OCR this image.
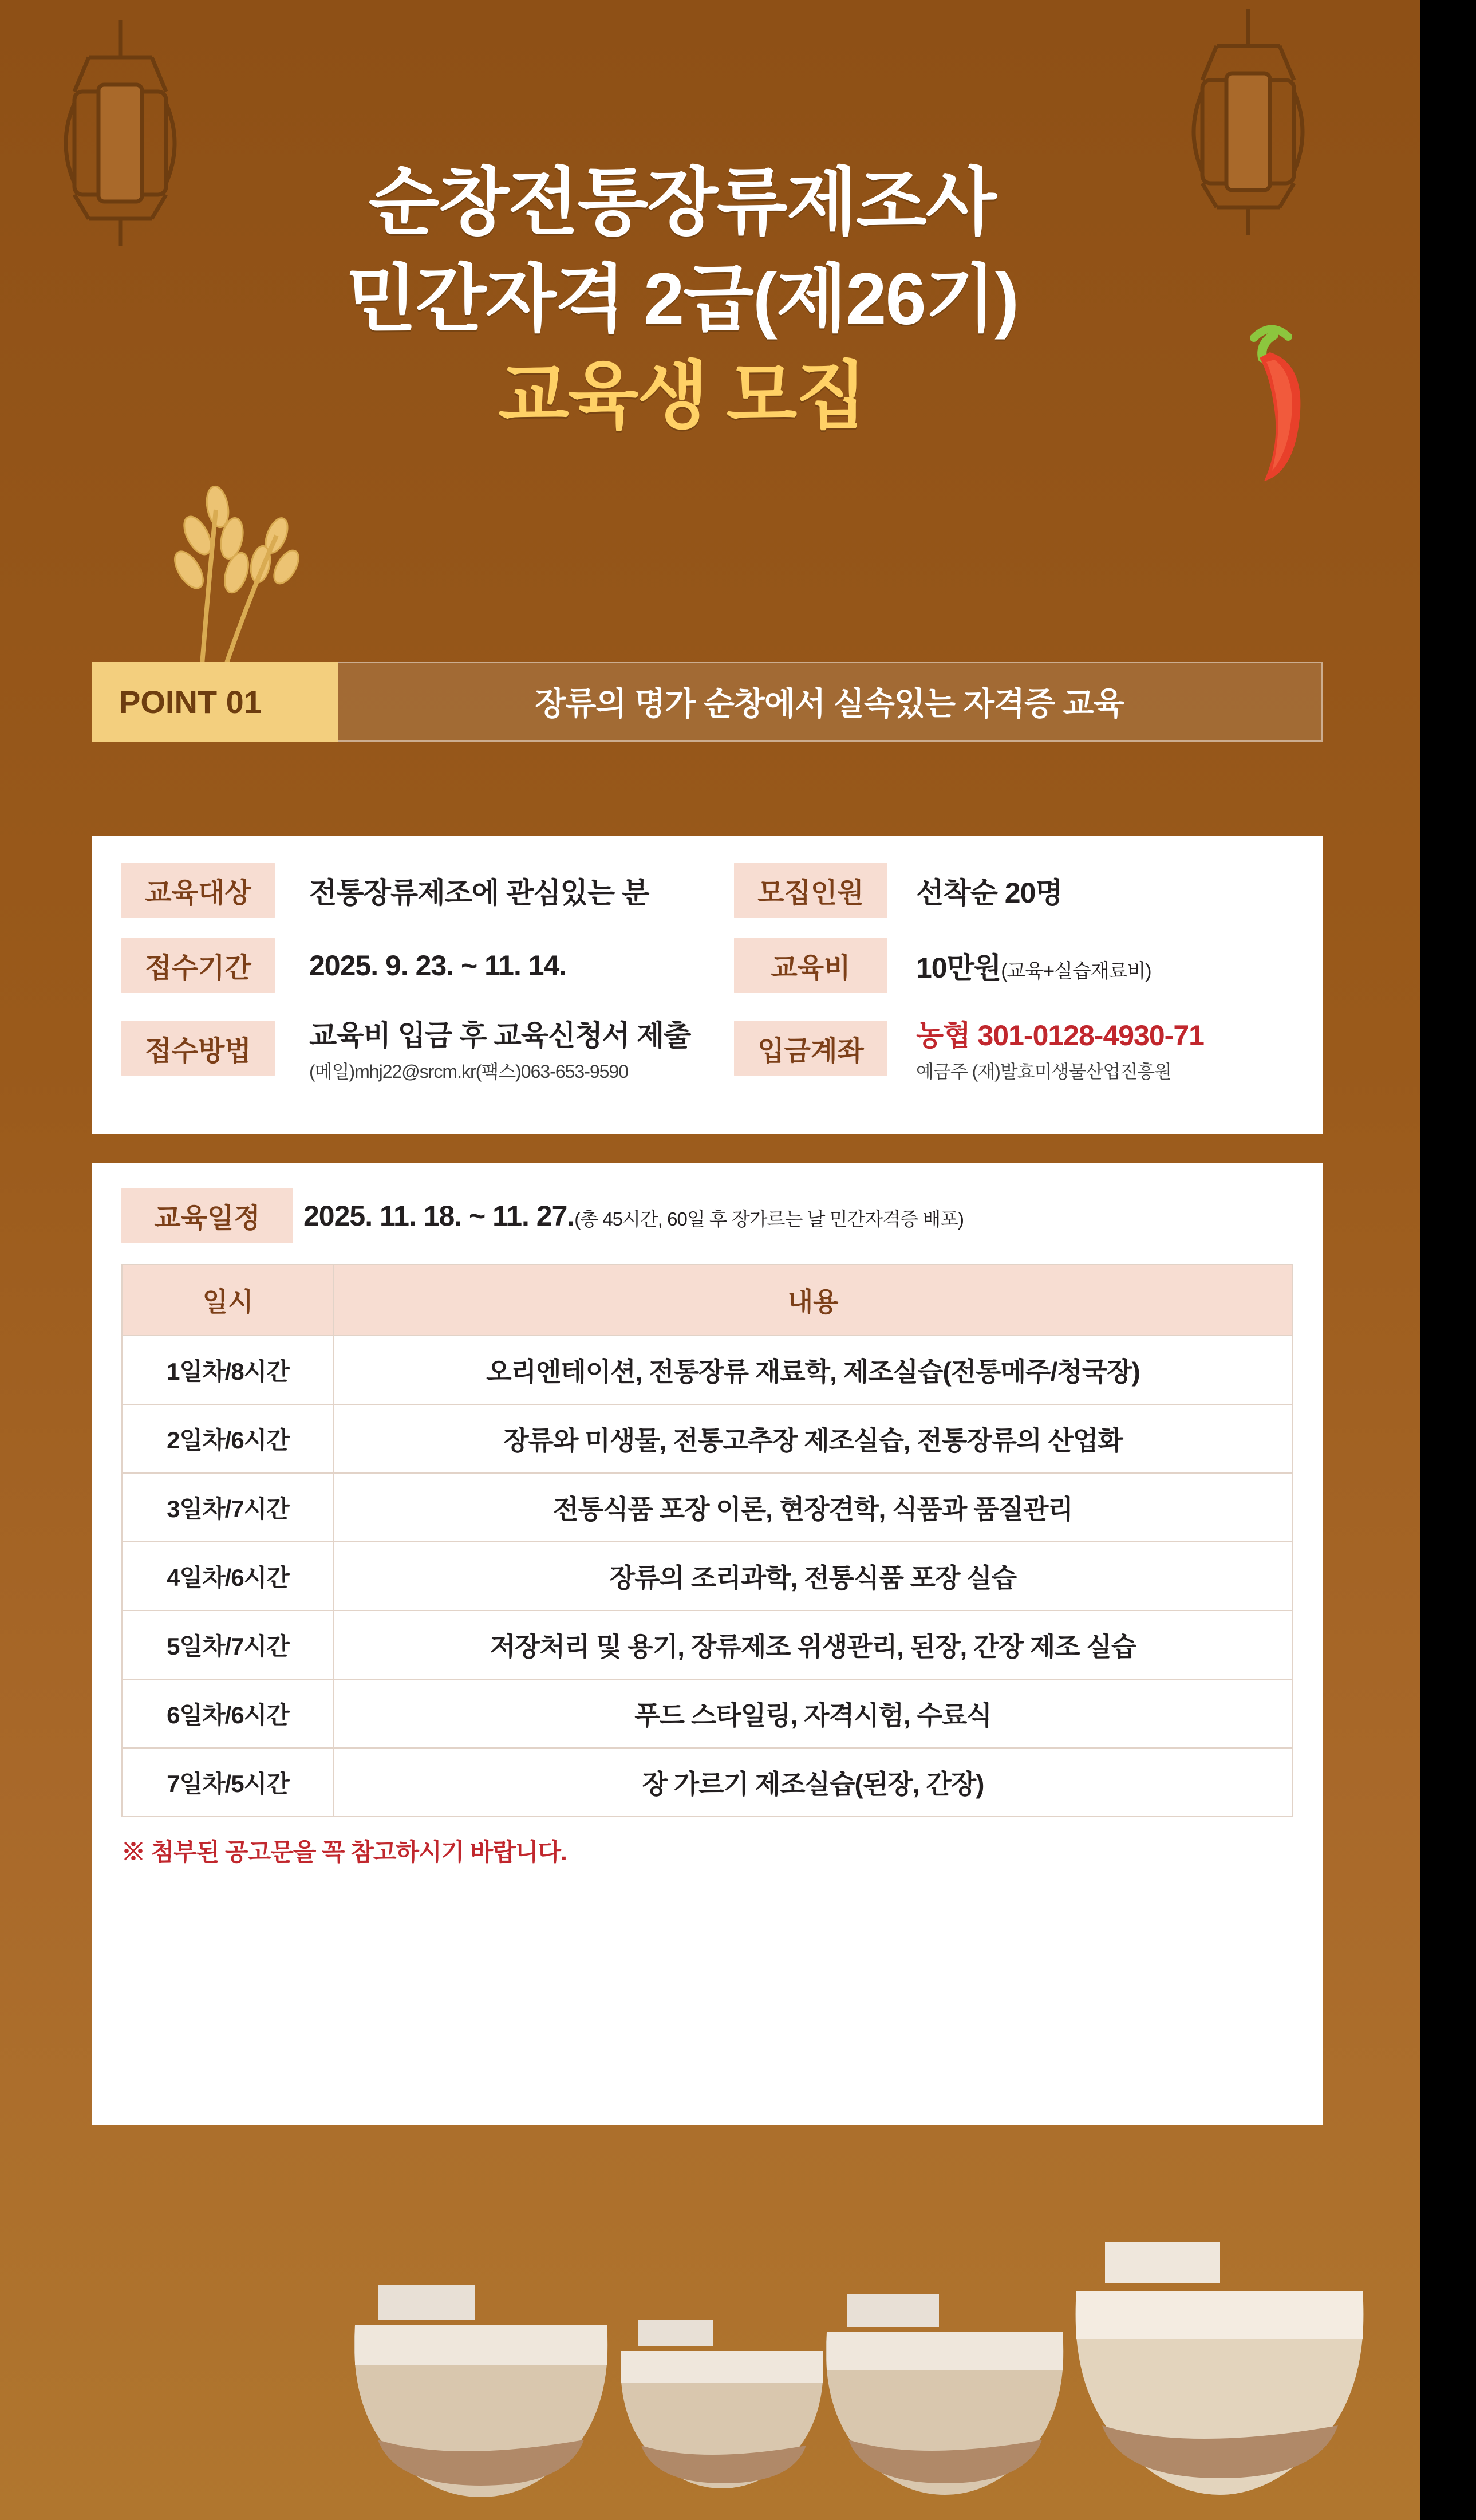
순창전통장류제조사
민간자격 2급(제26기)
교육생 모집
POINT 01	장류의 명가 순창에서 실속있는 자격증 교육
교육대상	전통장류제조에 관심있는 분	모집인원	선착순 20명
접수기간	2025. 9. 23. ~ 11. 14.	교육비	10만원(교육+실습재료비)
접수방법	교육비 입금 후 교육신청서 제출
(메일)mhj22@srcm.kr(팩스)063-653-9590
입금계좌	농협 301-0128-4930-71
예금주 (재)발효미생물산업진흥원
교육일정	2025. 11. 18. ~ 11. 27.(총 45시간, 60일 후 장가르는 날 민간자격증 배포)
일시	내용
1일차/8시간	오리엔테이션, 전통장류 재료학, 제조실습(전통메주/청국장)
2일차/6시간	장류와 미생물, 전통고추장 제조실습, 전통장류의 산업화
3일차/7시간	전통식품 포장 이론, 현장견학, 식품과 품질관리
4일차/6시간	장류의 조리과학, 전통식품 포장 실습
5일차/7시간	저장처리 및 용기, 장류제조 위생관리, 된장, 간장 제조 실습
6일차/6시간	푸드 스타일링, 자격시험, 수료식
7일차/5시간	장 가르기 제조실습(된장, 간장)
※ 첨부된 공고문을 꼭 참고하시기 바랍니다.
